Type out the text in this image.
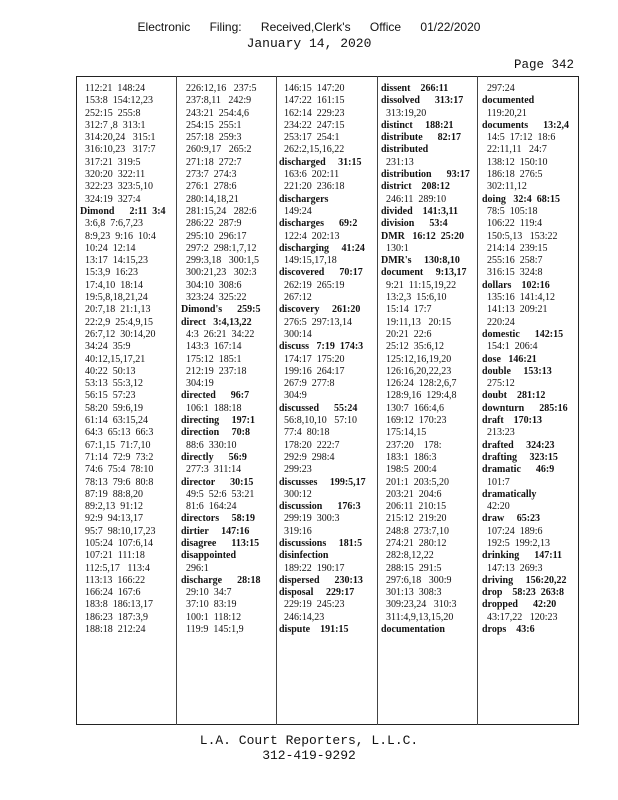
Electronic Filing: Received,Clerk's Office 01/22/2020
January 14, 2020
Page 342
112:21  148:24
153:8  154:12,23
252:15  255:8
312:7 ,8  313:1
314:20,24   315:1
316:10,23   317:7
317:21  319:5
320:20  322:11
322:23  323:5,10
324:19  327:4
Dimond      2:11  3:4
3:6,8  7:6,7,23
8:9,23  9:16  10:4
10:24  12:14
13:17  14:15,23
15:3,9  16:23
17:4,10  18:14
19:5,8,18,21,24
20:7,18  21:1,13
22:2,9  25:4,9,15
26:7,12  30:14,20
34:24  35:9
40:12,15,17,21
40:22  50:13
53:13  55:3,12
56:15  57:23
58:20  59:6,19
61:14  63:15,24
64:3  65:13  66:3
67:1,15  71:7,10
71:14  72:9  73:2
74:6  75:4  78:10
78:13  79:6  80:8
87:19  88:8,20
89:2,13  91:12
92:9  94:13,17
95:7  98:10,17,23
105:24  107:6,14
107:21  111:18
112:5,17   113:4
113:13  166:22
166:24  167:6
183:8  186:13,17
186:23  187:3,9
188:18  212:24
226:12,16   237:5
237:8,11   242:9
243:21  254:4,6
254:15  255:1
257:18  259:3
260:9,17   265:2
271:18  272:7
273:7  274:3
276:1  278:6
280:14,18,21
281:15,24   282:6
286:22  287:9
295:10  296:17
297:2  298:1,7,12
299:3,18   300:1,5
300:21,23   302:3
304:10  308:6
323:24  325:22
Dimond's      259:5
direct   3:4,13,22
4:3  26:21  34:22
143:3  167:14
175:12  185:1
212:19  237:18
304:19
directed      96:7
106:1  188:18
directing     197:1
direction     70:8
88:6  330:10
directly      56:9
277:3  311:14
director      30:15
49:5  52:6  53:21
81:6  164:24
directors     58:19
dirtier     147:16
disagree      113:15
disappointed
296:1
discharge      28:18
29:10  34:7
37:10  83:19
100:1  118:12
119:9  145:1,9
146:15  147:20
147:22  161:15
162:14  229:23
234:22  247:15
253:17  254:1
262:2,15,16,22
discharged     31:15
163:6  202:11
221:20  236:18
dischargers
149:24
discharges      69:2
122:4  202:13
discharging     41:24
149:15,17,18
discovered      70:17
262:19  265:19
267:12
discovery     261:20
276:5  297:13,14
300:14
discuss   7:19  174:3
174:17  175:20
199:16  264:17
267:9  277:8
304:9
discussed      55:24
56:8,10,10   57:10
77:4  80:18
178:20  222:7
292:9  298:4
299:23
discusses     199:5,17
300:12
discussion      176:3
299:19  300:3
319:16
discussions     181:5
disinfection
189:22  190:17
dispersed      230:13
disposal     229:17
229:19  245:23
246:14,23
dispute    191:15
dissent    266:11
dissolved      313:17
313:19,20
distinct     188:21
distribute      82:17
distributed
231:13
distribution      93:17
district    208:12
246:11  289:10
divided    141:3,11
division      53:4
DMR   16:12  25:20
130:1
DMR's     130:8,10
document     9:13,17
9:21  11:15,19,22
13:2,3  15:6,10
15:14  17:7
19:11,13   20:15
20:21  22:6
25:12  35:6,12
125:12,16,19,20
126:16,20,22,23
126:24  128:2,6,7
128:9,16  129:4,8
130:7  166:4,6
169:12  170:23
175:14,15
237:20    178:
183:1  186:3
198:5  200:4
201:1  203:5,20
203:21  204:6
206:11  210:15
215:12  219:20
248:8  273:7,10
274:21  280:12
282:8,12,22
288:15  291:5
297:6,18   300:9
301:13  308:3
309:23,24   310:3
311:4,9,13,15,20
documentation
297:24
documented
119:20,21
documents      13:2,4
14:5  17:12  18:6
22:11,11   24:7
138:12  150:10
186:18  276:5
302:11,12
doing   32:4  68:15
78:5  105:18
106:22  119:4
150:5,13   153:22
214:14  239:15
255:16  258:7
316:15  324:8
dollars    102:16
135:16  141:4,12
141:13  209:21
220:24
domestic      142:15
154:1  206:4
dose   146:21
double     153:13
275:12
doubt    281:12
downturn      285:16
draft    170:13
213:23
drafted     324:23
drafting     323:15
dramatic      46:9
101:7
dramatically
42:20
draw     65:23
107:24  189:6
192:5  199:2,13
drinking      147:11
147:13  269:3
driving     156:20,22
drop    58:23  263:8
dropped      42:20
43:17,22   120:23
drops    43:6
L.A. Court Reporters, L.L.C.
312-419-9292
